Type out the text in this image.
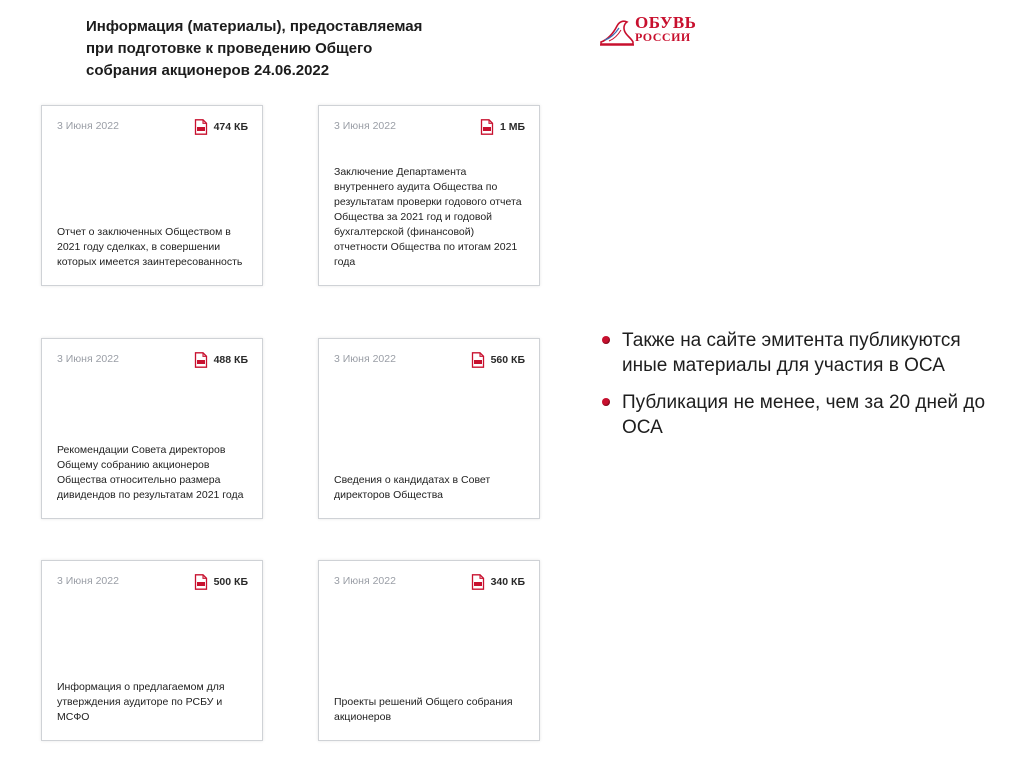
Информация (материалы), предоставляемая
при подготовке к проведению Общего
собрания акционеров 24.06.2022
ОБУВЬ
РОССИИ
3 Июня 2022	474 КБ
Отчет о заключенных Обществом в 2021 году сделках, в совершении которых имеется заинтересованность
3 Июня 2022	1 МБ
Заключение Департамента внутреннего аудита Общества по результатам проверки годового отчета Общества за 2021 год и годовой бухгалтерской (финансовой) отчетности Общества по итогам 2021 года
3 Июня 2022	488 КБ
Рекомендации Совета директоров Общему собранию акционеров Общества относительно размера дивидендов по результатам 2021 года
3 Июня 2022	560 КБ
Сведения о кандидатах в Совет директоров Общества
3 Июня 2022	500 КБ
Информация о предлагаемом для утверждения аудиторе по РСБУ и МСФО
3 Июня 2022	340 КБ
Проекты решений Общего собрания акционеров
Также на сайте эмитента публикуются иные материалы для участия в ОСА
Публикация не менее, чем за 20 дней до ОСА
